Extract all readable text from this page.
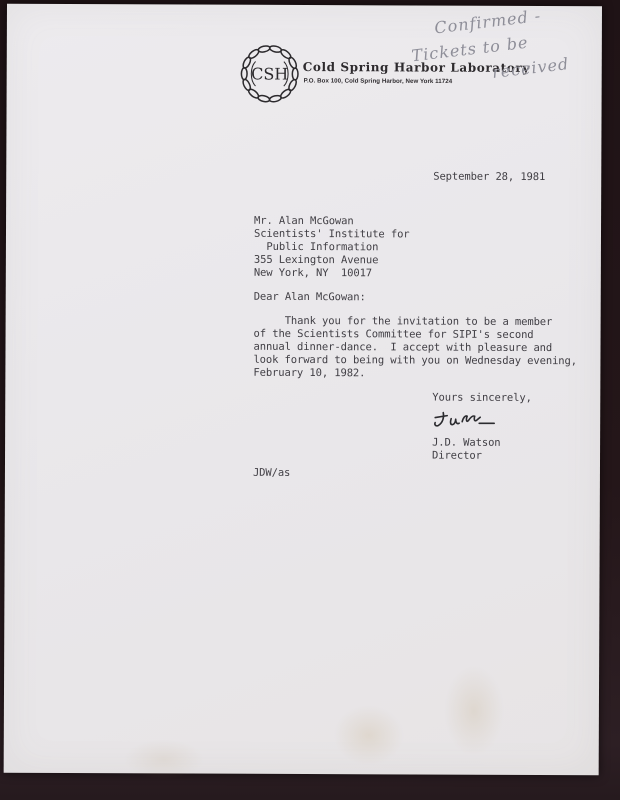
CSH Cold Spring Harbor Laboratory
P.O. Box 100, Cold Spring Harbor, New York 11724
Confirmed -
Tickets to be
received
September 28, 1981
Mr. Alan McGowan
Scientists' Institute for
Public Information
355 Lexington Avenue
New York, NY  10017
Dear Alan McGowan:
Thank you for the invitation to be a member
of the Scientists Committee for SIPI's second
annual dinner-dance.  I accept with pleasure and
look forward to being with you on Wednesday evening,
February 10, 1982.
Yours sincerely,
J.D. Watson
Director
JDW/as
